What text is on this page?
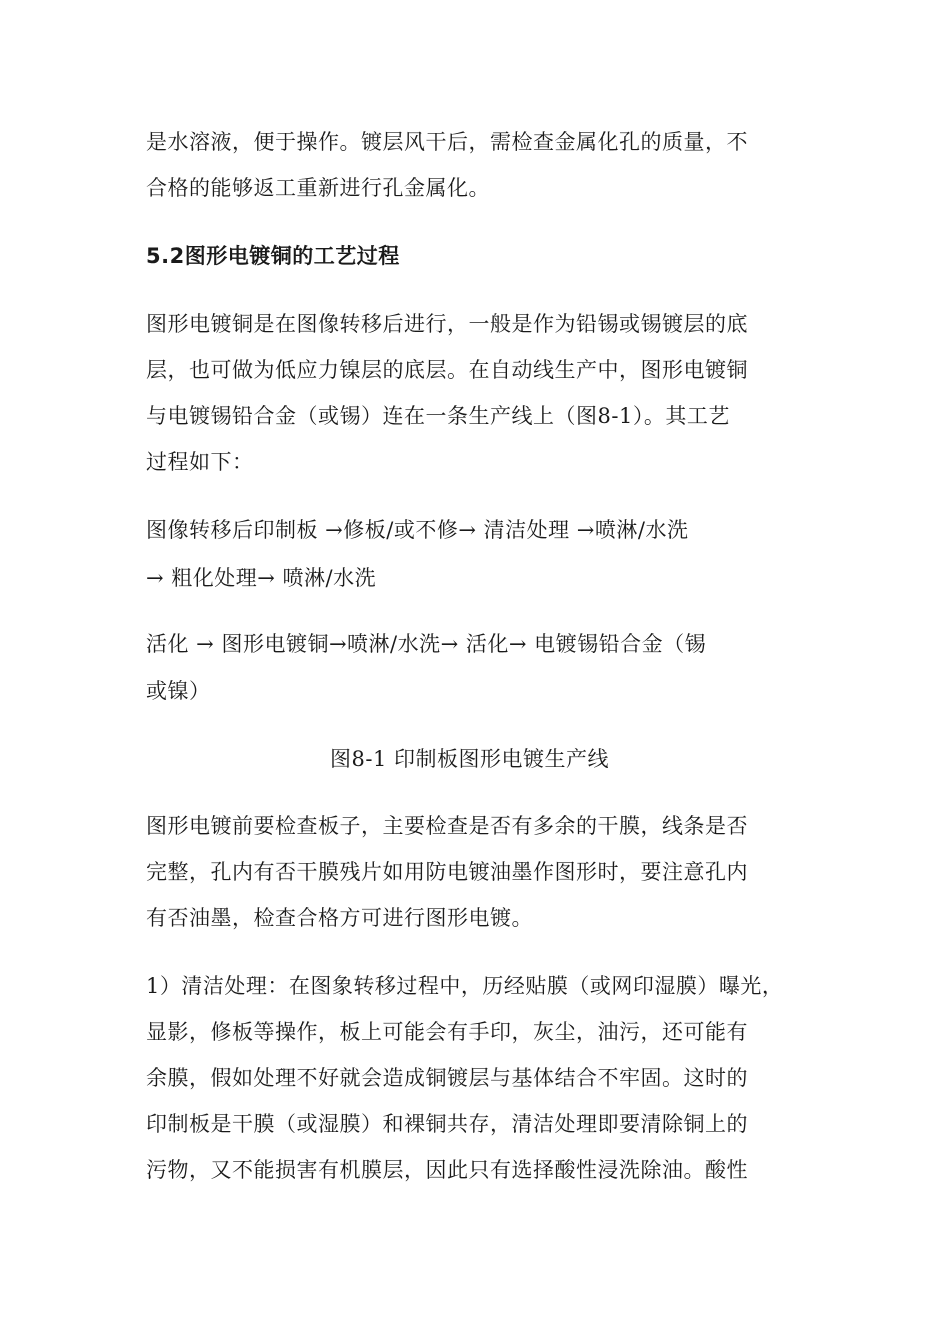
是水溶液，便于操作。镀层风干后，需检查金属化孔的质量，不
合格的能够返工重新进行孔金属化。
5.2图形电镀铜的工艺过程
图形电镀铜是在图像转移后进行，一般是作为铅锡或锡镀层的底
层，也可做为低应力镍层的底层。在自动线生产中，图形电镀铜
与电镀锡铅合金（或锡）连在一条生产线上（图8-1）。其工艺
过程如下：
图像转移后印制板 →修板/或不修→ 清洁处理 →喷淋/水洗
→ 粗化处理→ 喷淋/水洗
活化 → 图形电镀铜→喷淋/水洗→ 活化→ 电镀锡铅合金（锡
或镍）
图8-1 印制板图形电镀生产线
图形电镀前要检查板子，主要检查是否有多余的干膜，线条是否
完整，孔内有否干膜残片如用防电镀油墨作图形时，要注意孔内
有否油墨，检查合格方可进行图形电镀。
1）清洁处理：在图象转移过程中，历经贴膜（或网印湿膜）曝光，
显影，修板等操作，板上可能会有手印，灰尘，油污，还可能有
余膜，假如处理不好就会造成铜镀层与基体结合不牢固。这时的
印制板是干膜（或湿膜）和裸铜共存，清洁处理即要清除铜上的
污物，又不能损害有机膜层，因此只有选择酸性浸洗除油。酸性
